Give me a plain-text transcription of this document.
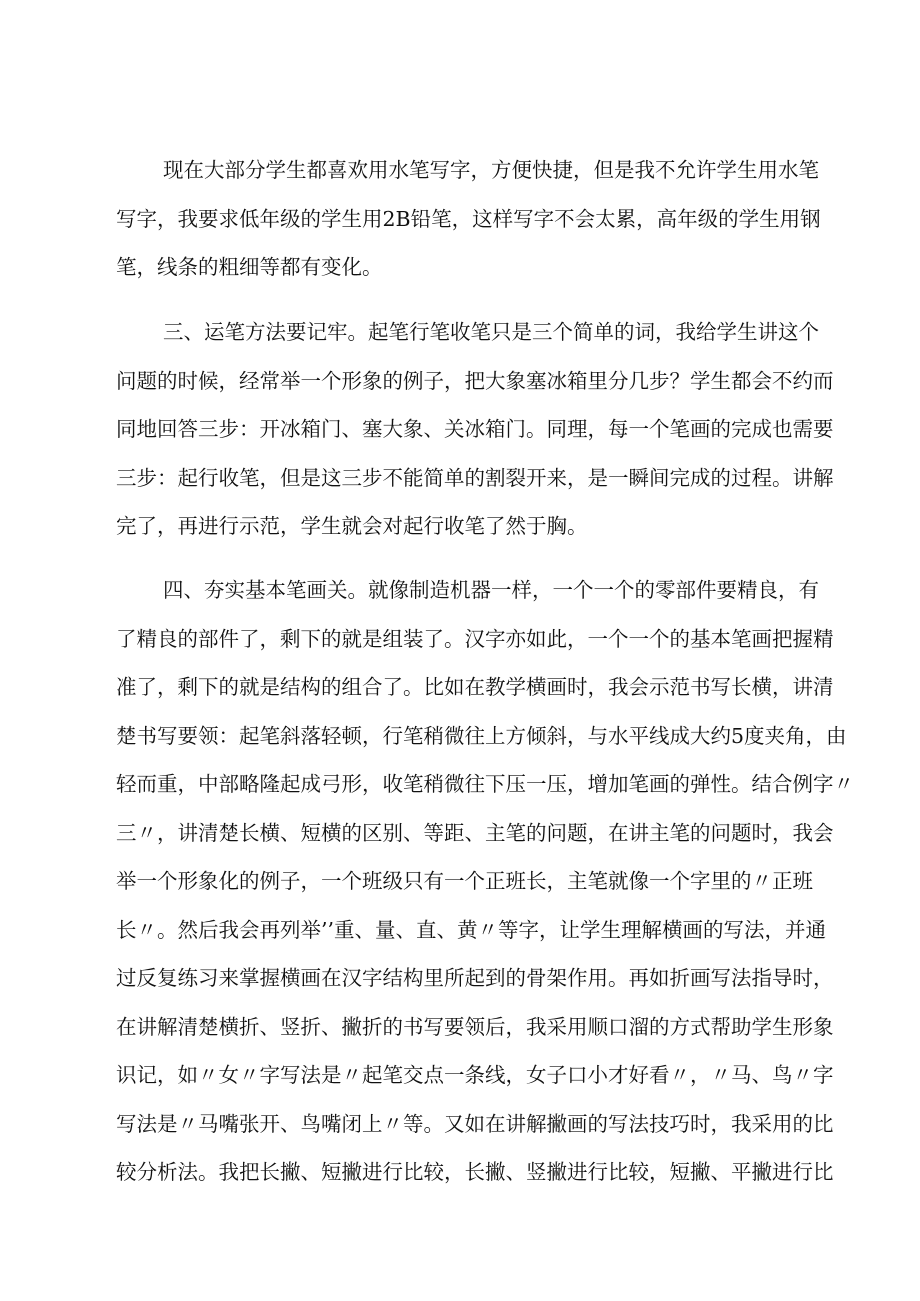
现在大部分学生都喜欢用水笔写字，方便快捷，但是我不允许学生用水笔
写字，我要求低年级的学生用2B铅笔，这样写字不会太累，高年级的学生用钢
笔，线条的粗细等都有变化。
三、运笔方法要记牢。起笔行笔收笔只是三个简单的词，我给学生讲这个
问题的时候，经常举一个形象的例子，把大象塞冰箱里分几步？学生都会不约而
同地回答三步：开冰箱门、塞大象、关冰箱门。同理，每一个笔画的完成也需要
三步：起行收笔，但是这三步不能简单的割裂开来，是一瞬间完成的过程。讲解
完了，再进行示范，学生就会对起行收笔了然于胸。
四、夯实基本笔画关。就像制造机器一样，一个一个的零部件要精良，有
了精良的部件了，剩下的就是组装了。汉字亦如此，一个一个的基本笔画把握精
准了，剩下的就是结构的组合了。比如在教学横画时，我会示范书写长横，讲清
楚书写要领：起笔斜落轻顿，行笔稍微往上方倾斜，与水平线成大约5度夹角，由
轻而重，中部略隆起成弓形，收笔稍微往下压一压，增加笔画的弹性。结合例字〃
三〃，讲清楚长横、短横的区别、等距、主笔的问题，在讲主笔的问题时，我会
举一个形象化的例子，一个班级只有一个正班长，主笔就像一个字里的〃正班
长〃。然后我会再列举’’重、量、直、黄〃等字，让学生理解横画的写法，并通
过反复练习来掌握横画在汉字结构里所起到的骨架作用。再如折画写法指导时，
在讲解清楚横折、竖折、撇折的书写要领后，我采用顺口溜的方式帮助学生形象
识记，如〃女〃字写法是〃起笔交点一条线，女子口小才好看〃，〃马、鸟〃字
写法是〃马嘴张开、鸟嘴闭上〃等。又如在讲解撇画的写法技巧时，我采用的比
较分析法。我把长撇、短撇进行比较，长撇、竖撇进行比较，短撇、平撇进行比
